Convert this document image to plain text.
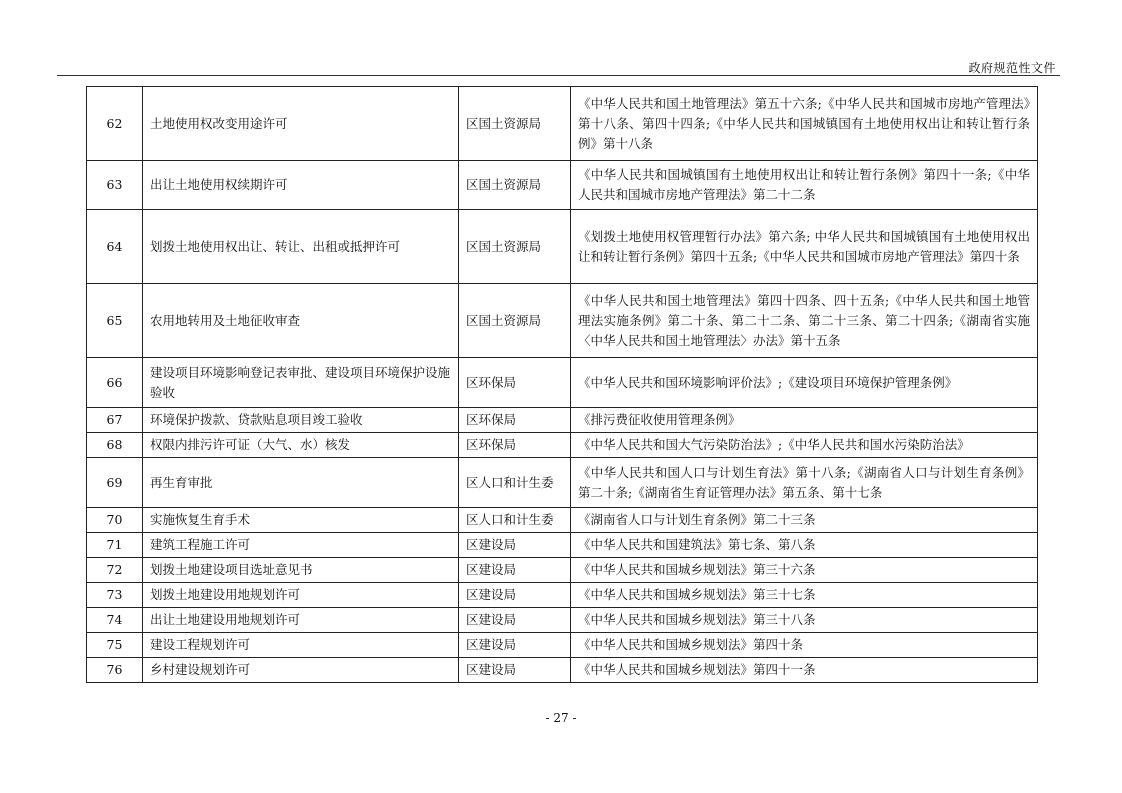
政府规范性文件
62	土地使用权改变用途许可	区国土资源局	《中华人民共和国土地管理法》第五十六条;《中华人民共和国城市房地产管理法》第十八条、第四十四条;《中华人民共和国城镇国有土地使用权出让和转让暂行条例》第十八条
63	出让土地使用权续期许可	区国土资源局	《中华人民共和国城镇国有土地使用权出让和转让暂行条例》第四十一条;《中华人民共和国城市房地产管理法》第二十二条
64	划拨土地使用权出让、转让、出租或抵押许可	区国土资源局	《划拨土地使用权管理暂行办法》第六条; 中华人民共和国城镇国有土地使用权出让和转让暂行条例》第四十五条;《中华人民共和国城市房地产管理法》第四十条
65	农用地转用及土地征收审查	区国土资源局	《中华人民共和国土地管理法》第四十四条、四十五条;《中华人民共和国土地管理法实施条例》第二十条、第二十二条、第二十三条、第二十四条;《湖南省实施〈中华人民共和国土地管理法〉办法》第十五条
66	建设项目环境影响登记表审批、建设项目环境保护设施验收	区环保局	《中华人民共和国环境影响评价法》;《建设项目环境保护管理条例》
67	环境保护拨款、贷款贴息项目竣工验收	区环保局	《排污费征收使用管理条例》
68	权限内排污许可证（大气、水）核发	区环保局	《中华人民共和国大气污染防治法》;《中华人民共和国水污染防治法》
69	再生育审批	区人口和计生委	《中华人民共和国人口与计划生育法》第十八条;《湖南省人口与计划生育条例》第二十条;《湖南省生育证管理办法》第五条、第十七条
70	实施恢复生育手术	区人口和计生委	《湖南省人口与计划生育条例》第二十三条
71	建筑工程施工许可	区建设局	《中华人民共和国建筑法》第七条、第八条
72	划拨土地建设项目选址意见书	区建设局	《中华人民共和国城乡规划法》第三十六条
73	划拨土地建设用地规划许可	区建设局	《中华人民共和国城乡规划法》第三十七条
74	出让土地建设用地规划许可	区建设局	《中华人民共和国城乡规划法》第三十八条
75	建设工程规划许可	区建设局	《中华人民共和国城乡规划法》第四十条
76	乡村建设规划许可	区建设局	《中华人民共和国城乡规划法》第四十一条
- 27 -
